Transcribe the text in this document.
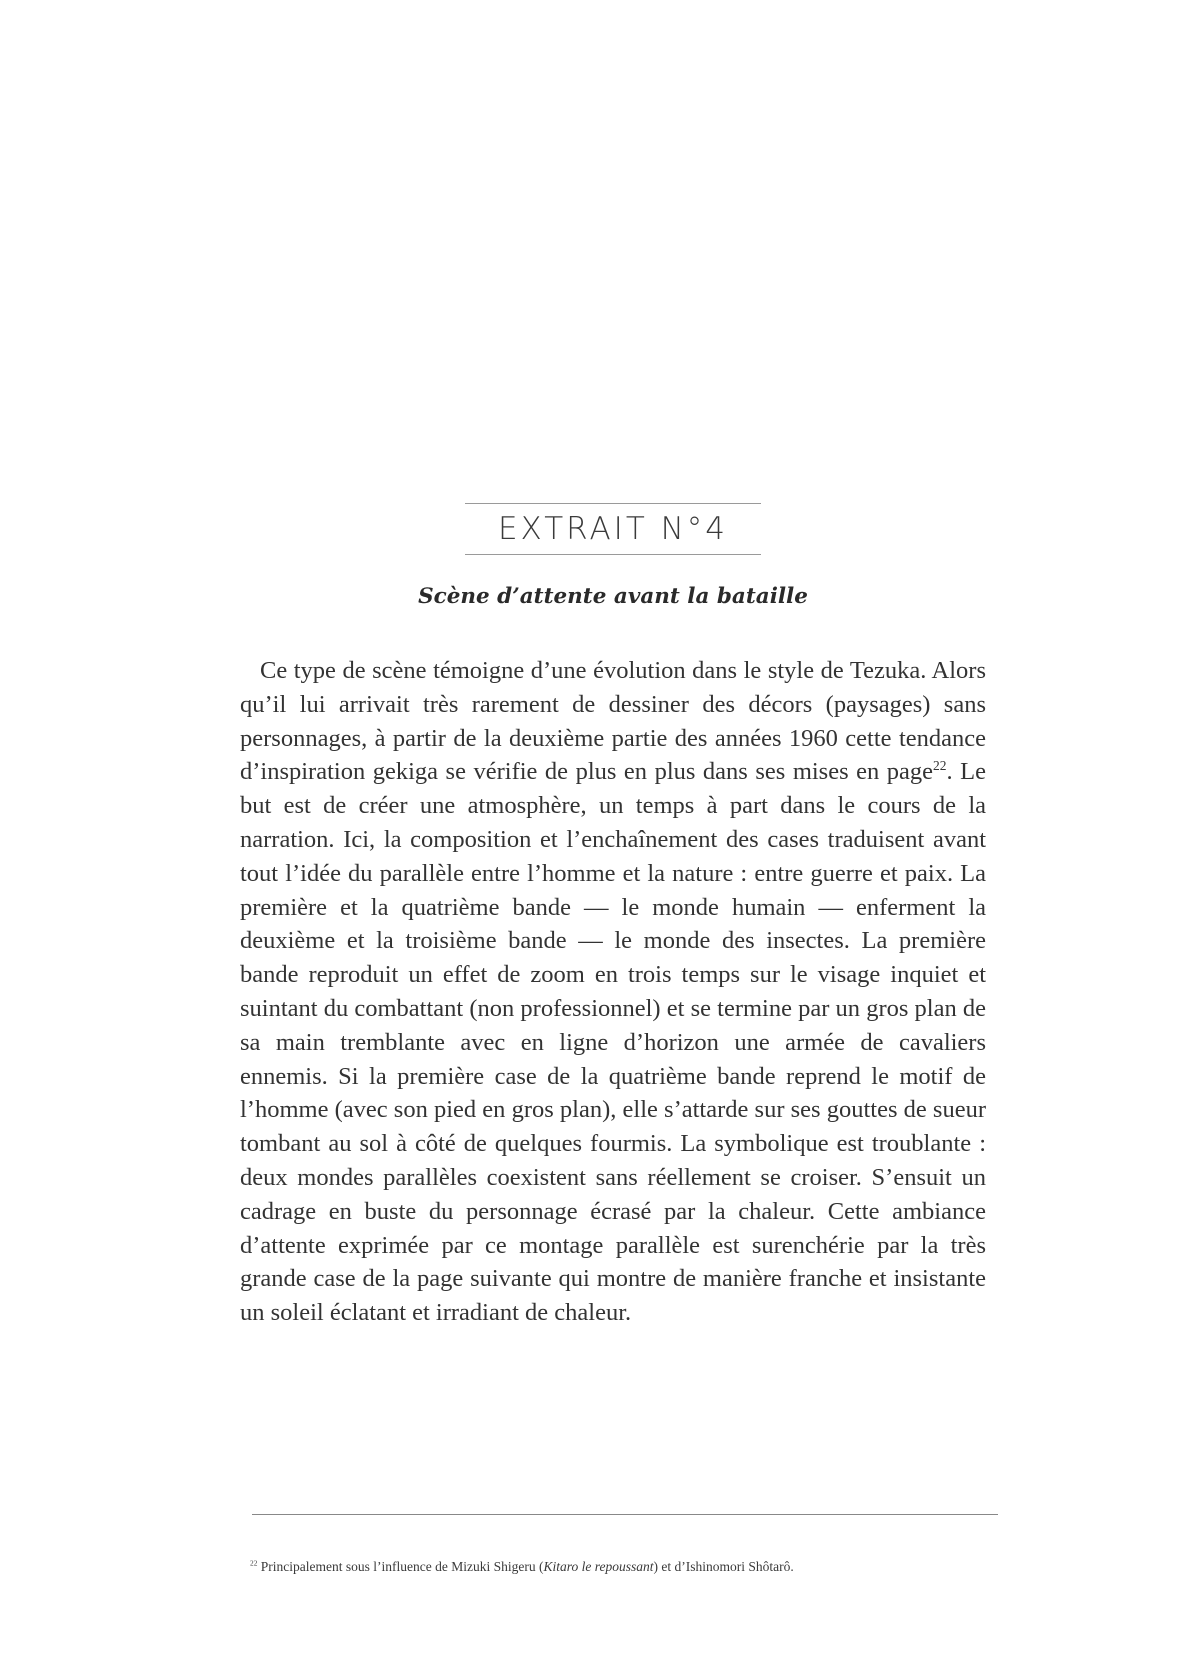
EXTRAIT N°4
Scène d’attente avant la bataille

Ce type de scène témoigne d’une évolution dans le style de Tezuka. Alors qu’il lui arrivait très rarement de dessiner des décors (paysages) sans personnages, à partir de la deuxième partie des années 1960 cette tendance d’inspiration gekiga se vérifie de plus en plus dans ses mises en page$^{22}$. Le but est de créer une atmosphère, un temps à part dans le cours de la narration. Ici, la composition et l’enchaînement des cases traduisent avant tout l’idée du parallèle entre l’homme et la nature : entre guerre et paix. La première et la quatrième bande — le monde humain — enferment la deuxième et la troisième bande — le monde des insectes. La première bande reproduit un effet de zoom en trois temps sur le visage inquiet et suintant du combattant (non professionnel) et se termine par un gros plan de sa main tremblante avec en ligne d’horizon une armée de cavaliers ennemis. Si la première case de la quatrième bande reprend le motif de l’homme (avec son pied en gros plan), elle s’attarde sur ses gouttes de sueur tombant au sol à côté de quelques fourmis. La symbolique est troublante : deux mondes parallèles coexistent sans réellement se croiser. S’ensuit un cadrage en buste du personnage écrasé par la chaleur. Cette ambiance d’attente exprimée par ce montage parallèle est surenchérie par la très grande case de la page suivante qui montre de manière franche et insistante un soleil éclatant et irradiant de chaleur.

$^{22}$ Principalement sous l’influence de Mizuki Shigeru (Kitaro le repoussant) et d’Ishinomori Shôtarô.
